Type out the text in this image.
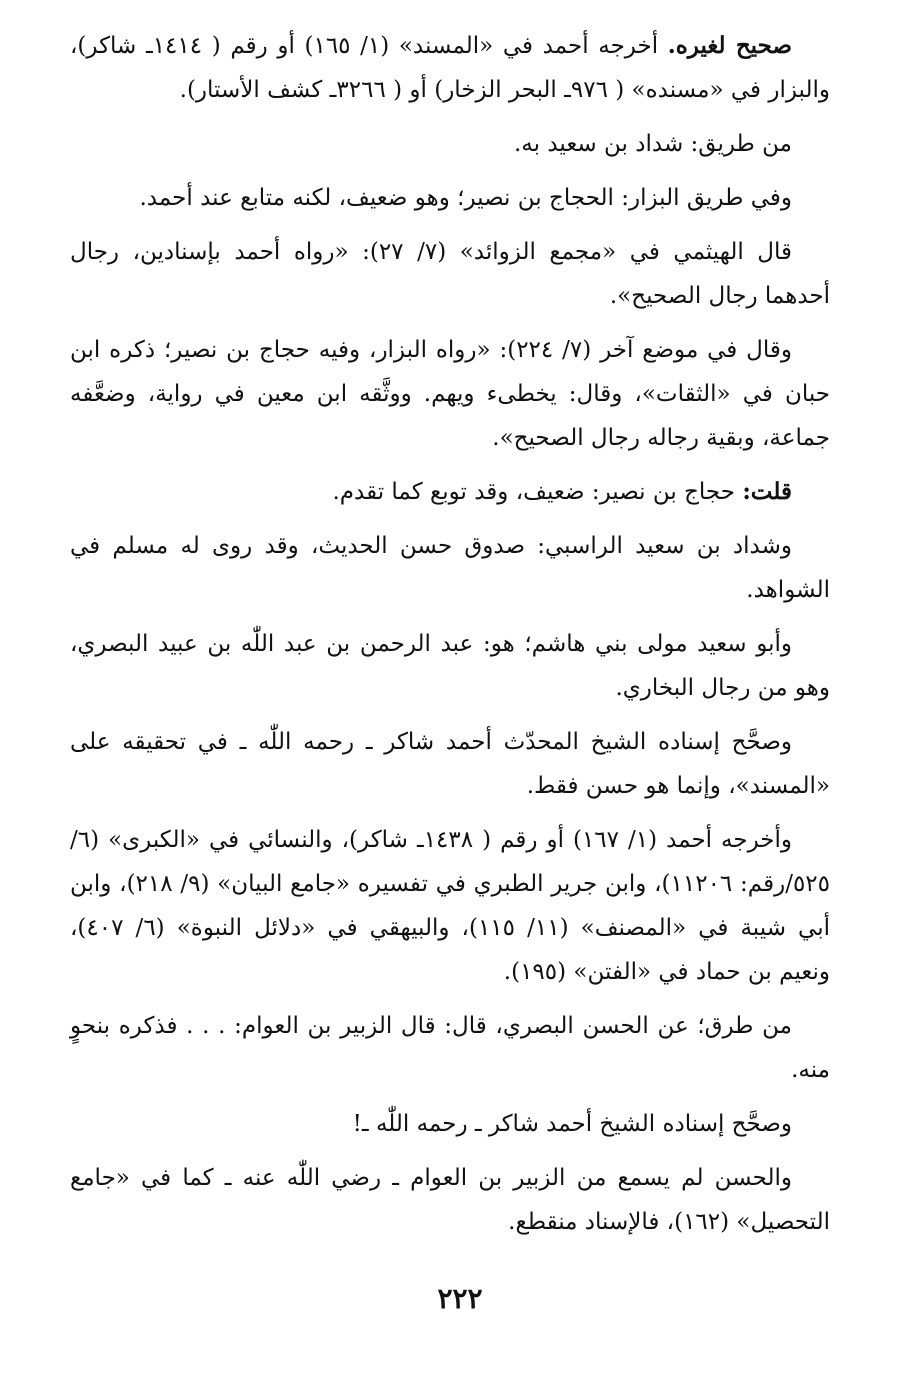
صحيح لغيره. أخرجه أحمد في «المسند» (١/ ١٦٥) أو رقم ( ١٤١٤ـ شاكر)، والبزار في «مسنده» ( ٩٧٦ـ البحر الزخار) أو ( ٣٢٦٦ـ كشف الأستار).

من طريق: شداد بن سعيد به.

وفي طريق البزار: الحجاج بن نصير؛ وهو ضعيف، لكنه متابع عند أحمد.

قال الهيثمي في «مجمع الزوائد» (٧/ ٢٧): «رواه أحمد بإسنادين، رجال أحدهما رجال الصحيح».

وقال في موضع آخر (٧/ ٢٢٤): «رواه البزار، وفيه حجاج بن نصير؛ ذكره ابن حبان في «الثقات»، وقال: يخطىء ويهم. ووثَّقه ابن معين في رواية، وضعَّفه جماعة، وبقية رجاله رجال الصحيح».

قلت: حجاج بن نصير: ضعيف، وقد توبع كما تقدم.

وشداد بن سعيد الراسبي: صدوق حسن الحديث، وقد روى له مسلم في الشواهد.

وأبو سعيد مولى بني هاشم؛ هو: عبد الرحمن بن عبد اللّٰه بن عبيد البصري، وهو من رجال البخاري.

وصحَّح إسناده الشيخ المحدّث أحمد شاكر ـ رحمه اللّٰه ـ في تحقيقه على «المسند»، وإنما هو حسن فقط.

وأخرجه أحمد (١/ ١٦٧) أو رقم ( ١٤٣٨ـ شاكر)، والنسائي في «الكبرى» (٦/ ٥٢٥/رقم: ١١٢٠٦)، وابن جرير الطبري في تفسيره «جامع البيان» (٩/ ٢١٨)، وابن أبي شيبة في «المصنف» (١١/ ١١٥)، والبيهقي في «دلائل النبوة» (٦/ ٤٠٧)، ونعيم بن حماد في «الفتن» (١٩٥).

من طرق؛ عن الحسن البصري، قال: قال الزبير بن العوام: . . . فذكره بنحوٍ منه.

وصحَّح إسناده الشيخ أحمد شاكر ـ رحمه اللّٰه ـ!

والحسن لم يسمع من الزبير بن العوام ـ رضي اللّٰه عنه ـ كما في «جامع التحصيل» (١٦٢)، فالإسناد منقطع.

٢٢٢
